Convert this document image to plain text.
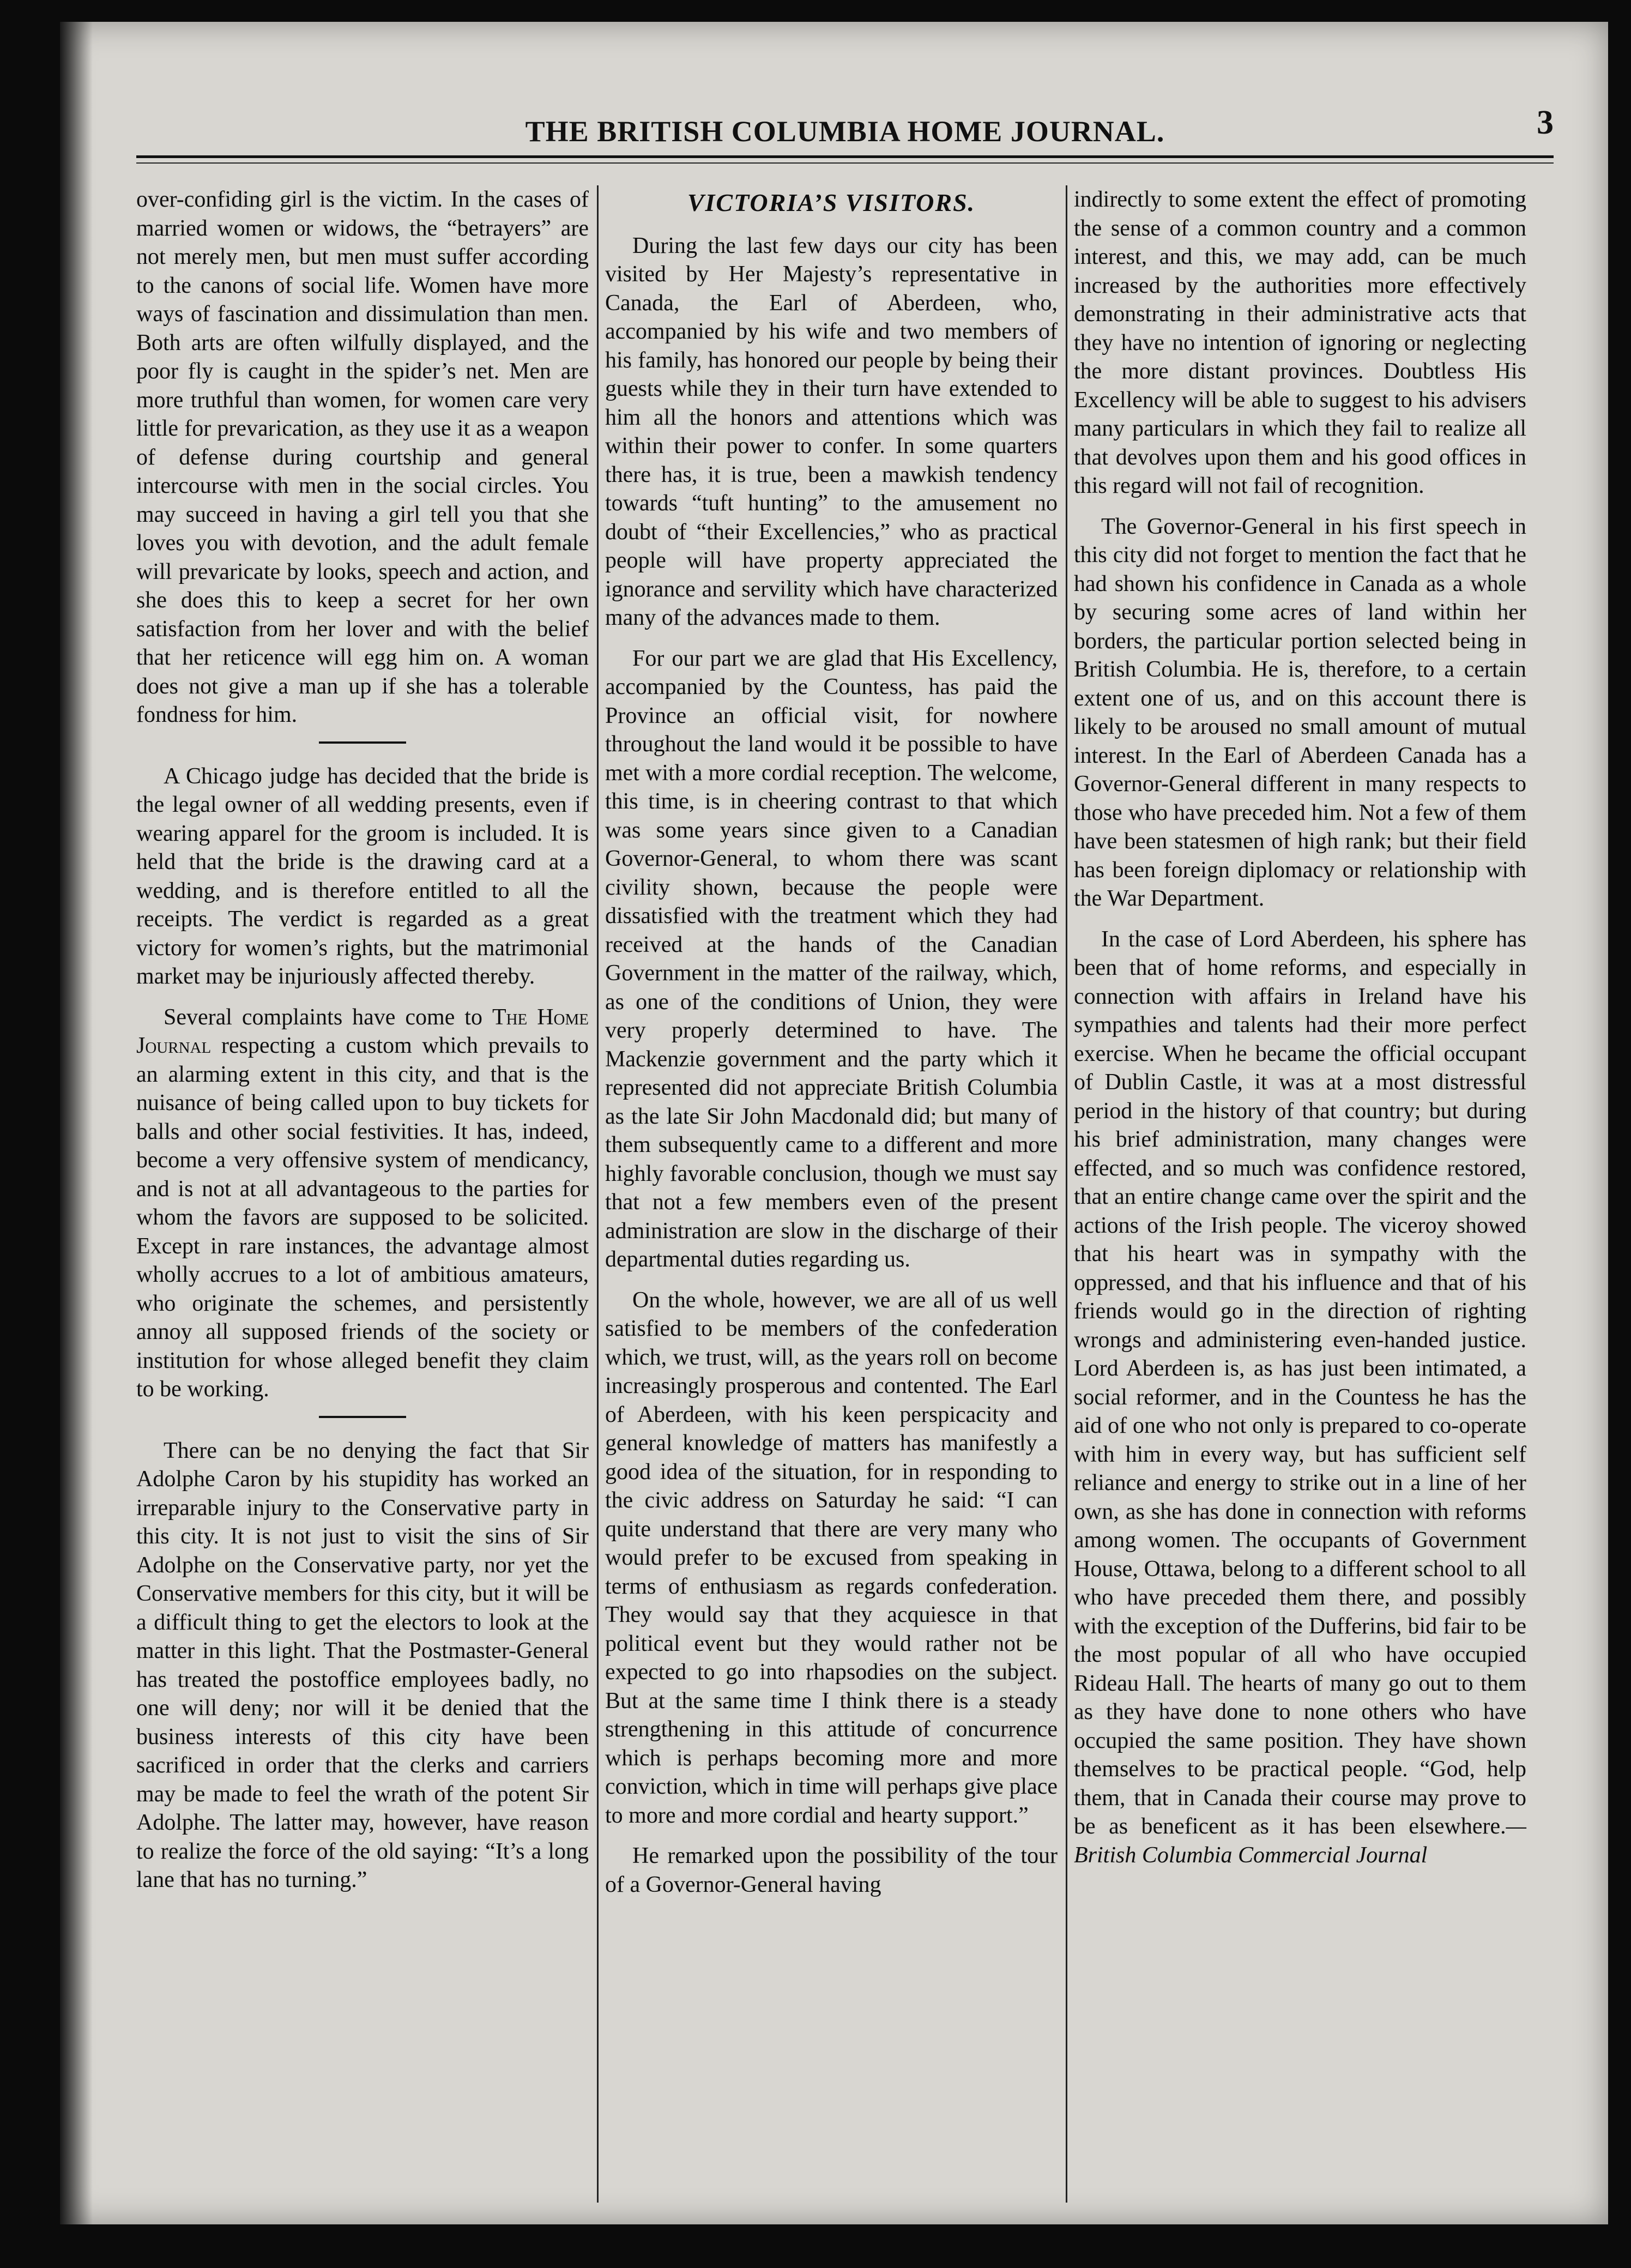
THE BRITISH COLUMBIA HOME JOURNAL.	3

over-confiding girl is the victim. In the cases of married women or widows, the “betrayers” are not merely men, but men must suffer according to the canons of social life. Women have more ways of fascination and dissimulation than men. Both arts are often wilfully displayed, and the poor fly is caught in the spider’s net. Men are more truthful than women, for women care very little for prevarication, as they use it as a weapon of defense during courtship and general intercourse with men in the social circles. You may succeed in having a girl tell you that she loves you with devotion, and the adult female will prevaricate by looks, speech and action, and she does this to keep a secret for her own satisfaction from her lover and with the belief that her reticence will egg him on. A woman does not give a man up if she has a tolerable fondness for him.

A Chicago judge has decided that the bride is the legal owner of all wedding presents, even if wearing apparel for the groom is included. It is held that the bride is the drawing card at a wedding, and is therefore entitled to all the receipts. The verdict is regarded as a great victory for women’s rights, but the matrimonial market may be injuriously affected thereby.

Several complaints have come to The Home Journal respecting a custom which prevails to an alarming extent in this city, and that is the nuisance of being called upon to buy tickets for balls and other social festivities. It has, indeed, become a very offensive system of mendicancy, and is not at all advantageous to the parties for whom the favors are supposed to be solicited. Except in rare instances, the advantage almost wholly accrues to a lot of ambitious amateurs, who originate the schemes, and persistently annoy all supposed friends of the society or institution for whose alleged benefit they claim to be working.

There can be no denying the fact that Sir Adolphe Caron by his stupidity has worked an irreparable injury to the Conservative party in this city. It is not just to visit the sins of Sir Adolphe on the Conservative party, nor yet the Conservative members for this city, but it will be a difficult thing to get the electors to look at the matter in this light. That the Postmaster-General has treated the postoffice employees badly, no one will deny; nor will it be denied that the business interests of this city have been sacrificed in order that the clerks and carriers may be made to feel the wrath of the potent Sir Adolphe. The latter may, however, have reason to realize the force of the old saying: “It’s a long lane that has no turning.”

VICTORIA’S VISITORS.

During the last few days our city has been visited by Her Majesty’s representative in Canada, the Earl of Aberdeen, who, accompanied by his wife and two members of his family, has honored our people by being their guests while they in their turn have extended to him all the honors and attentions which was within their power to confer. In some quarters there has, it is true, been a mawkish tendency towards “tuft hunting” to the amusement no doubt of “their Excellencies,” who as practical people will have property appreciated the ignorance and servility which have characterized many of the advances made to them.

For our part we are glad that His Excellency, accompanied by the Countess, has paid the Province an official visit, for nowhere throughout the land would it be possible to have met with a more cordial reception. The welcome, this time, is in cheering contrast to that which was some years since given to a Canadian Governor-General, to whom there was scant civility shown, because the people were dissatisfied with the treatment which they had received at the hands of the Canadian Government in the matter of the railway, which, as one of the conditions of Union, they were very properly determined to have. The Mackenzie government and the party which it represented did not appreciate British Columbia as the late Sir John Macdonald did; but many of them subsequently came to a different and more highly favorable conclusion, though we must say that not a few members even of the present administration are slow in the discharge of their departmental duties regarding us.

On the whole, however, we are all of us well satisfied to be members of the confederation which, we trust, will, as the years roll on become increasingly prosperous and contented. The Earl of Aberdeen, with his keen perspicacity and general knowledge of matters has manifestly a good idea of the situation, for in responding to the civic address on Saturday he said: “I can quite understand that there are very many who would prefer to be excused from speaking in terms of enthusiasm as regards confederation. They would say that they acquiesce in that political event but they would rather not be expected to go into rhapsodies on the subject. But at the same time I think there is a steady strengthening in this attitude of concurrence which is perhaps becoming more and more conviction, which in time will perhaps give place to more and more cordial and hearty support.”

He remarked upon the possibility of the tour of a Governor-General having

indirectly to some extent the effect of promoting the sense of a common country and a common interest, and this, we may add, can be much increased by the authorities more effectively demonstrating in their administrative acts that they have no intention of ignoring or neglecting the more distant provinces. Doubtless His Excellency will be able to suggest to his advisers many particulars in which they fail to realize all that devolves upon them and his good offices in this regard will not fail of recognition.

The Governor-General in his first speech in this city did not forget to mention the fact that he had shown his confidence in Canada as a whole by securing some acres of land within her borders, the particular portion selected being in British Columbia. He is, therefore, to a certain extent one of us, and on this account there is likely to be aroused no small amount of mutual interest. In the Earl of Aberdeen Canada has a Governor-General different in many respects to those who have preceded him. Not a few of them have been statesmen of high rank; but their field has been foreign diplomacy or relationship with the War Department.

In the case of Lord Aberdeen, his sphere has been that of home reforms, and especially in connection with affairs in Ireland have his sympathies and talents had their more perfect exercise. When he became the official occupant of Dublin Castle, it was at a most distressful period in the history of that country; but during his brief administration, many changes were effected, and so much was confidence restored, that an entire change came over the spirit and the actions of the Irish people. The viceroy showed that his heart was in sympathy with the oppressed, and that his influence and that of his friends would go in the direction of righting wrongs and administering even-handed justice. Lord Aberdeen is, as has just been intimated, a social reformer, and in the Countess he has the aid of one who not only is prepared to co-operate with him in every way, but has sufficient self reliance and energy to strike out in a line of her own, as she has done in connection with reforms among women. The occupants of Government House, Ottawa, belong to a different school to all who have preceded them there, and possibly with the exception of the Dufferins, bid fair to be the most popular of all who have occupied Rideau Hall. The hearts of many go out to them as they have done to none others who have occupied the same position. They have shown themselves to be practical people. “God, help them, that in Canada their course may prove to be as beneficent as it has been elsewhere.—British Columbia Commercial Journal
